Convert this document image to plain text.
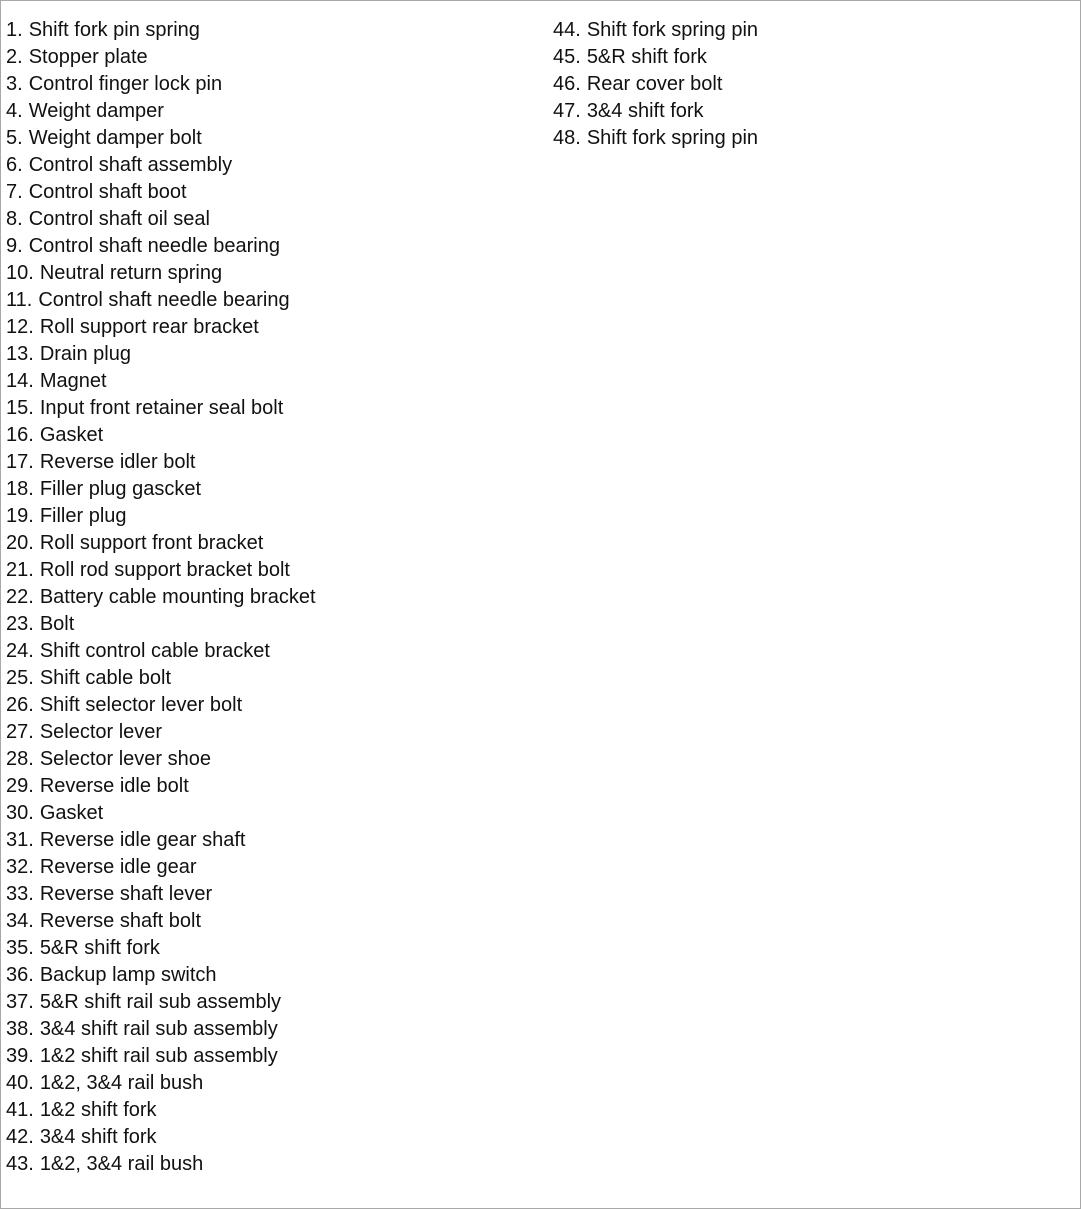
1. Shift fork pin spring
2. Stopper plate
3. Control finger lock pin
4. Weight damper
5. Weight damper bolt
6. Control shaft assembly
7. Control shaft boot
8. Control shaft oil seal
9. Control shaft needle bearing
10. Neutral return spring
11. Control shaft needle bearing
12. Roll support rear bracket
13. Drain plug
14. Magnet
15. Input front retainer seal bolt
16. Gasket
17. Reverse idler bolt
18. Filler plug gascket
19. Filler plug
20. Roll support front bracket
21. Roll rod support bracket bolt
22. Battery cable mounting bracket
23. Bolt
24. Shift control cable bracket
25. Shift cable bolt
26. Shift selector lever bolt
27. Selector lever
28. Selector lever shoe
29. Reverse idle bolt
30. Gasket
31. Reverse idle gear shaft
32. Reverse idle gear
33. Reverse shaft lever
34. Reverse shaft bolt
35. 5&R shift fork
36. Backup lamp switch
37. 5&R shift rail sub assembly
38. 3&4 shift rail sub assembly
39. 1&2 shift rail sub assembly
40. 1&2, 3&4 rail bush
41. 1&2 shift fork
42. 3&4 shift fork
43. 1&2, 3&4 rail bush
44. Shift fork spring pin
45. 5&R shift fork
46. Rear cover bolt
47. 3&4 shift fork
48. Shift fork spring pin
